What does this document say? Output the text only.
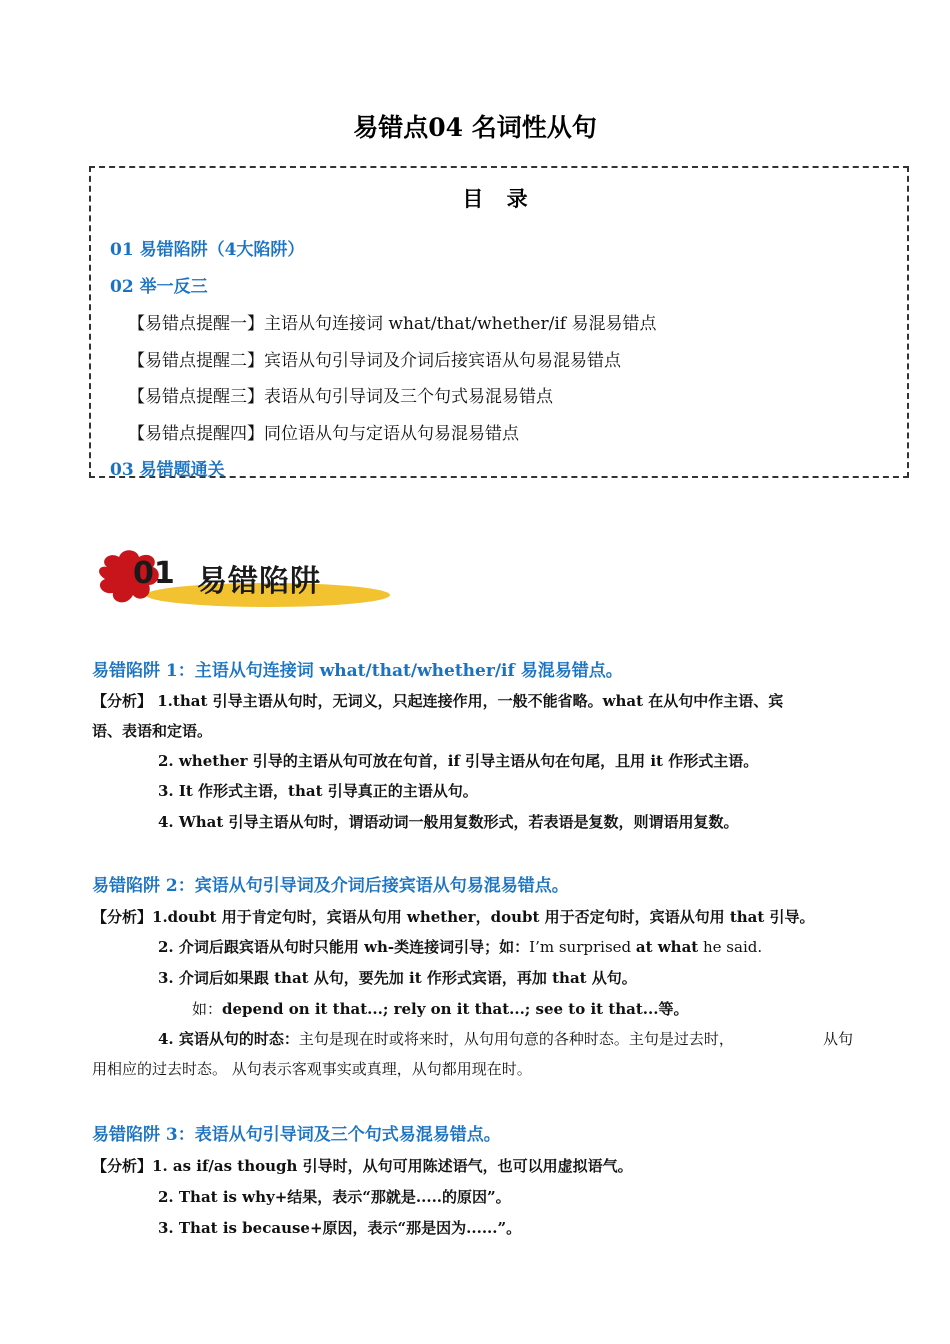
易错点04 名词性从句
目 录
01 易错陷阱（4大陷阱）
02 举一反三
【易错点提醒一】主语从句连接词 what/that/whether/if 易混易错点
【易错点提醒二】宾语从句引导词及介词后接宾语从句易混易错点
【易错点提醒三】表语从句引导词及三个句式易混易错点
【易错点提醒四】同位语从句与定语从句易混易错点
03 易错题通关
01 易错陷阱
易错陷阱 1：主语从句连接词 what/that/whether/if 易混易错点。
【分析】 1.that 引导主语从句时，无词义，只起连接作用，一般不能省略。what 在从句中作主语、宾
语、表语和定语。
2. whether 引导的主语从句可放在句首，if 引导主语从句在句尾，且用 it 作形式主语。
3. It 作形式主语，that 引导真正的主语从句。
4. What 引导主语从句时，谓语动词一般用复数形式，若表语是复数，则谓语用复数。
易错陷阱 2：宾语从句引导词及介词后接宾语从句易混易错点。
【分析】1.doubt 用于肯定句时，宾语从句用 whether，doubt 用于否定句时，宾语从句用 that 引导。
2. 介词后跟宾语从句时只能用 wh-类连接词引导；如：I’m surprised at what he said.
3. 介词后如果跟 that 从句，要先加 it 作形式宾语，再加 that 从句。
如：depend on it that...; rely on it that...; see to it that...等。
4. 宾语从句的时态：主句是现在时或将来时，从句用句意的各种时态。主句是过去时，	从句
用相应的过去时态。 从句表示客观事实或真理，从句都用现在时。
易错陷阱 3：表语从句引导词及三个句式易混易错点。
【分析】1. as if/as though 引导时，从句可用陈述语气，也可以用虚拟语气。
2. That is why+结果，表示“那就是.....的原因”。
3. That is because+原因，表示“那是因为......”。
